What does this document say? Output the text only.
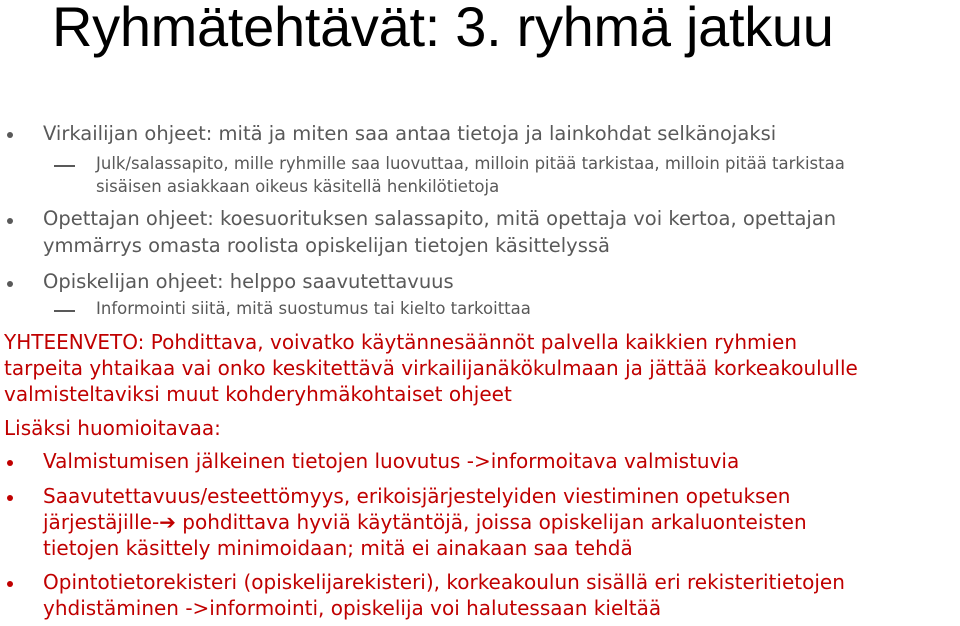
Ryhmätehtävät: 3. ryhmä jatkuu
Virkailijan ohjeet: mitä ja miten saa antaa tietoja ja lainkohdat selkänojaksi
Julk/salassapito, mille ryhmille saa luovuttaa, milloin pitää tarkistaa, milloin pitää tarkistaa
sisäisen asiakkaan oikeus käsitellä henkilötietoja
Opettajan ohjeet: koesuorituksen salassapito, mitä opettaja voi kertoa, opettajan
ymmärrys omasta roolista opiskelijan tietojen käsittelyssä
Opiskelijan ohjeet: helppo saavutettavuus
Informointi siitä, mitä suostumus tai kielto tarkoittaa
YHTEENVETO: Pohdittava, voivatko käytännesäännöt palvella kaikkien ryhmien
tarpeita yhtaikaa vai onko keskitettävä virkailijanäkökulmaan ja jättää korkeakoululle
valmisteltaviksi muut kohderyhmäkohtaiset ohjeet
Lisäksi huomioitavaa:
Valmistumisen jälkeinen tietojen luovutus ->informoitava valmistuvia
Saavutettavuus/esteettömyys, erikoisjärjestelyiden viestiminen opetuksen
järjestäjille-➔ pohdittava hyviä käytäntöjä, joissa opiskelijan arkaluonteisten
tietojen käsittely minimoidaan; mitä ei ainakaan saa tehdä
Opintotietorekisteri (opiskelijarekisteri), korkeakoulun sisällä eri rekisteritietojen
yhdistäminen ->informointi, opiskelija voi halutessaan kieltää
